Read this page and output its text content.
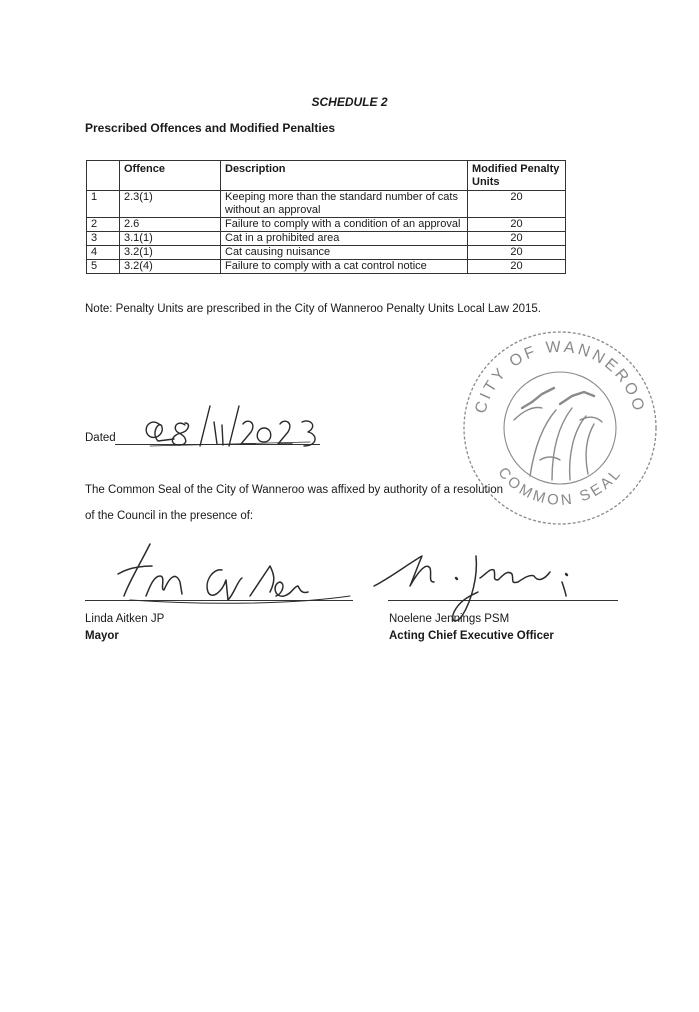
SCHEDULE 2
Prescribed Offences and Modified Penalties
	Offence	Description	Modified Penalty Units
1	2.3(1)	Keeping more than the standard number of cats without an approval	20
2	2.6	Failure to comply with a condition of an approval	20
3	3.1(1)	Cat in a prohibited area	20
4	3.2(1)	Cat causing nuisance	20
5	3.2(4)	Failure to comply with a cat control notice	20
Note: Penalty Units are prescribed in the City of Wanneroo Penalty Units Local Law 2015.
Dated
The Common Seal of the City of Wanneroo was affixed by authority of a resolution
of the Council in the presence of:
Linda Aitken JP
Mayor
Noelene Jennings PSM
Acting Chief Executive Officer
CITY OF WANNEROO
COMMON SEAL
